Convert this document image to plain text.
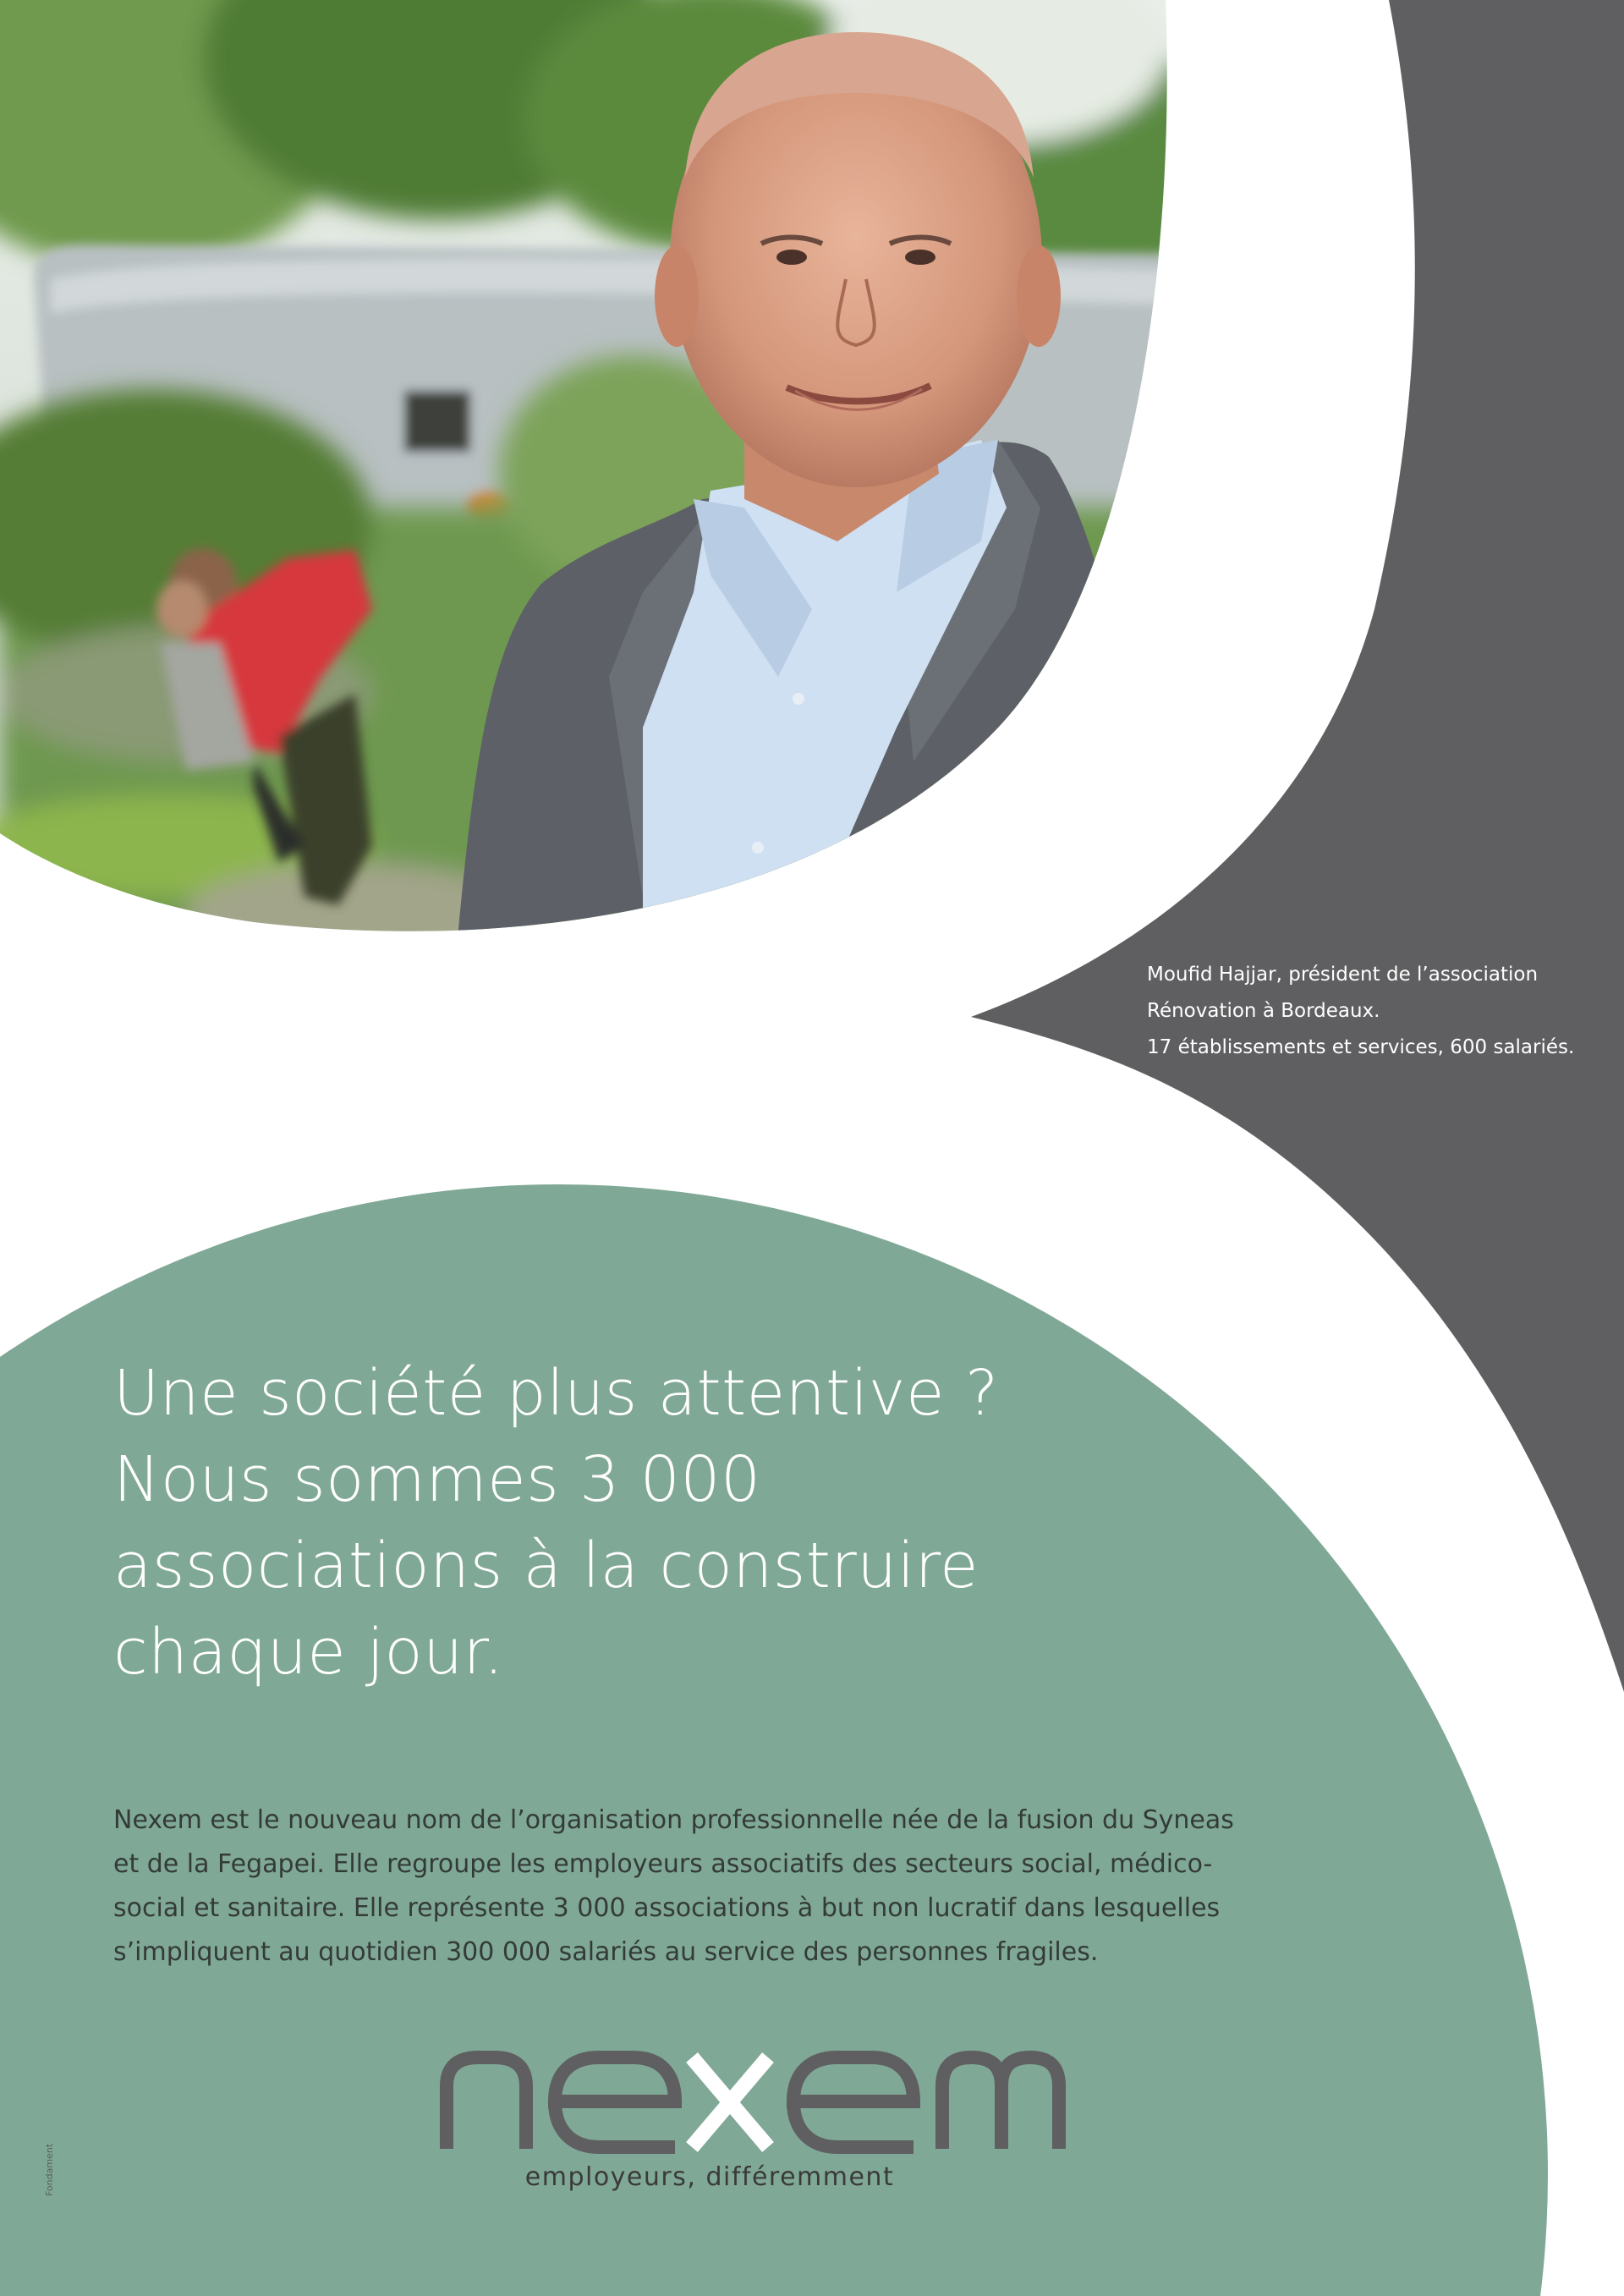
Moufid Hajjar, président de l’association
Rénovation à Bordeaux.
17 établissements et services, 600 salariés.
Une société plus attentive ?
Nous sommes 3 000
associations à la construire
chaque jour.
Nexem est le nouveau nom de l’organisation professionnelle née de la fusion du Syneas
et de la Fegapei. Elle regroupe les employeurs associatifs des secteurs social, médico-
social et sanitaire. Elle représente 3 000 associations à but non lucratif dans lesquelles
s’impliquent au quotidien 300 000 salariés au service des personnes fragiles.
employeurs, différemment
Fondament
